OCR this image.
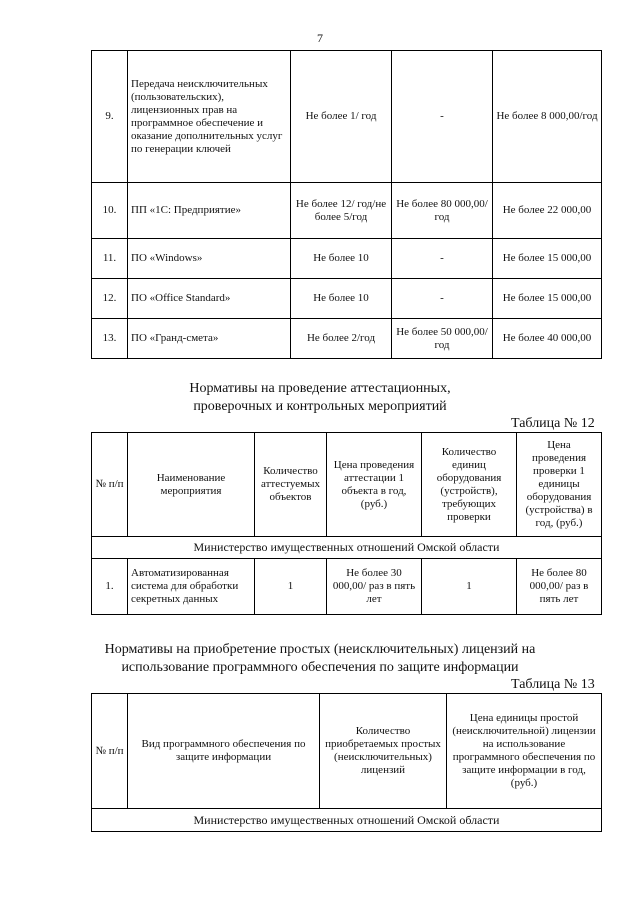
7
9.	Передача неисключительных (пользовательских), лицензионных прав на программное обеспечение и оказание дополнительных услуг по генерации ключей	Не более 1/ год	-	Не более 8 000,00/год
10.	ПП «1С: Предприятие»	Не более 12/ год/не более 5/год	Не более 80 000,00/ год	Не более 22 000,00
11.	ПО «Windows»	Не более 10	-	Не более 15 000,00
12.	ПО «Office Standard»	Не более 10	-	Не более 15 000,00
13.	ПО «Гранд-смета»	Не более 2/год	Не более 50 000,00/ год	Не более 40 000,00
Нормативы на проведение аттестационных,
проверочных и контрольных мероприятий
Таблица № 12
№ п/п	Наименование мероприятия	Количество аттестуемых объектов	Цена проведения аттестации 1 объекта в год, (руб.)	Количество единиц оборудования (устройств), требующих проверки	Цена проведения проверки 1 единицы оборудования (устройства) в год, (руб.)
Министерство имущественных отношений Омской области					
1.	Автоматизированная система для обработки секретных данных	1	Не более 30 000,00/ раз в пять лет	1	Не более 80 000,00/ раз в пять лет
Нормативы на приобретение простых (неисключительных) лицензий на
использование программного обеспечения по защите информации
Таблица № 13
№ п/п	Вид программного обеспечения по защите информации	Количество приобретаемых простых (неисключительных) лицензий	Цена единицы простой (неисключительной) лицензии на использование программного обеспечения по защите информации в год, (руб.)
Министерство имущественных отношений Омской области
